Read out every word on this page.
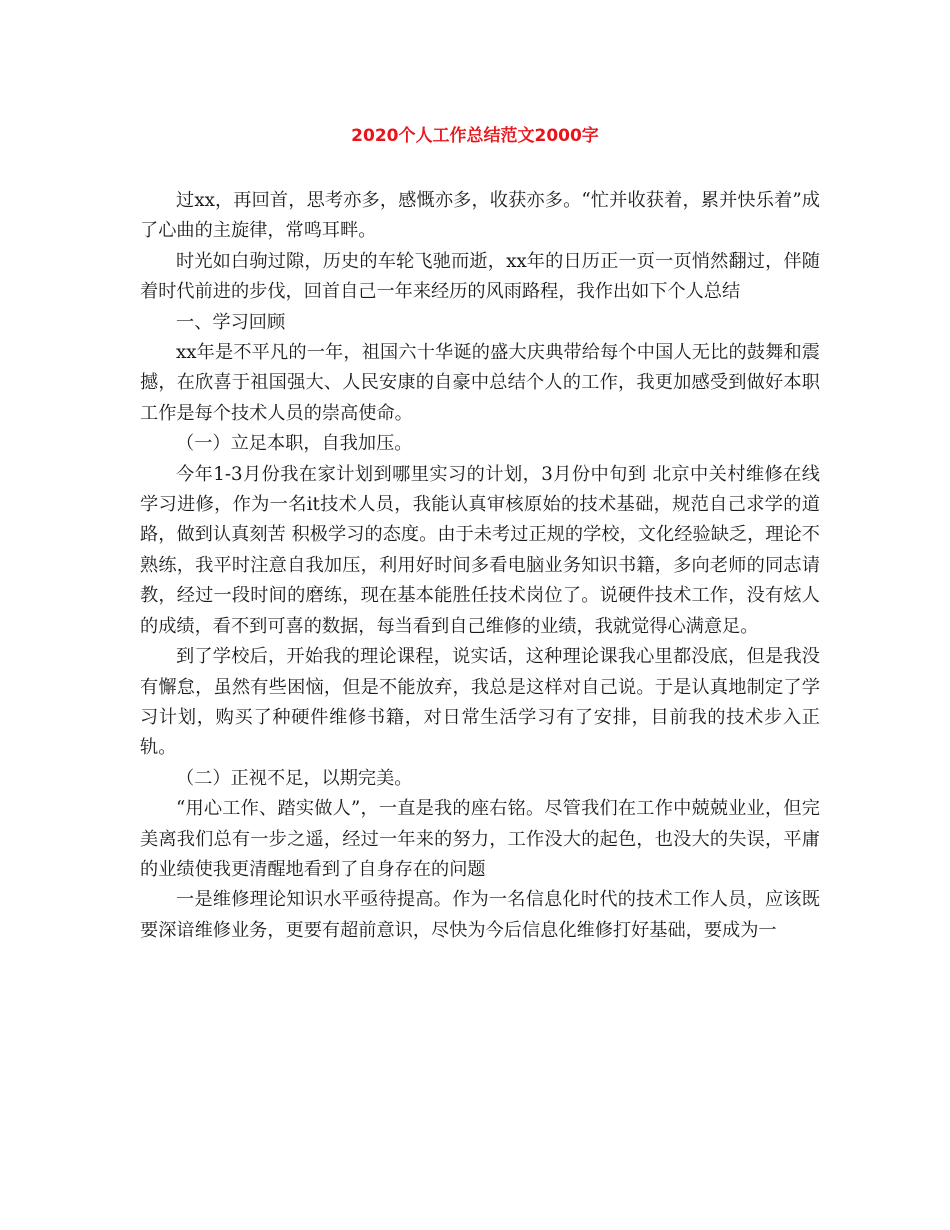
2020个人工作总结范文2000字

过xx，再回首，思考亦多，感慨亦多，收获亦多。“忙并收获着，累并快乐着”成了心曲的主旋律，常鸣耳畔。

时光如白驹过隙，历史的车轮飞驰而逝，xx年的日历正一页一页悄然翻过，伴随着时代前进的步伐，回首自己一年来经历的风雨路程，我作出如下个人总结

一、学习回顾

xx年是不平凡的一年，祖国六十华诞的盛大庆典带给每个中国人无比的鼓舞和震撼，在欣喜于祖国强大、人民安康的自豪中总结个人的工作，我更加感受到做好本职工作是每个技术人员的崇高使命。

（一）立足本职，自我加压。

今年1-3月份我在家计划到哪里实习的计划，3月份中旬到 北京中关村维修在线 学习进修，作为一名it技术人员，我能认真审核原始的技术基础，规范自己求学的道路，做到认真刻苦 积极学习的态度。由于未考过正规的学校，文化经验缺乏，理论不熟练，我平时注意自我加压，利用好时间多看电脑业务知识书籍，多向老师的同志请教，经过一段时间的磨练，现在基本能胜任技术岗位了。说硬件技术工作，没有炫人的成绩，看不到可喜的数据，每当看到自己维修的业绩，我就觉得心满意足。

到了学校后，开始我的理论课程，说实话，这种理论课我心里都没底，但是我没有懈怠，虽然有些困恼，但是不能放弃，我总是这样对自己说。于是认真地制定了学习计划，购买了种硬件维修书籍，对日常生活学习有了安排，目前我的技术步入正轨。

（二）正视不足，以期完美。

“用心工作、踏实做人”，一直是我的座右铭。尽管我们在工作中兢兢业业，但完美离我们总有一步之遥，经过一年来的努力，工作没大的起色，也没大的失误，平庸的业绩使我更清醒地看到了自身存在的问题

一是维修理论知识水平亟待提高。作为一名信息化时代的技术工作人员，应该既要深谙维修业务，更要有超前意识，尽快为今后信息化维修打好基础，要成为一
